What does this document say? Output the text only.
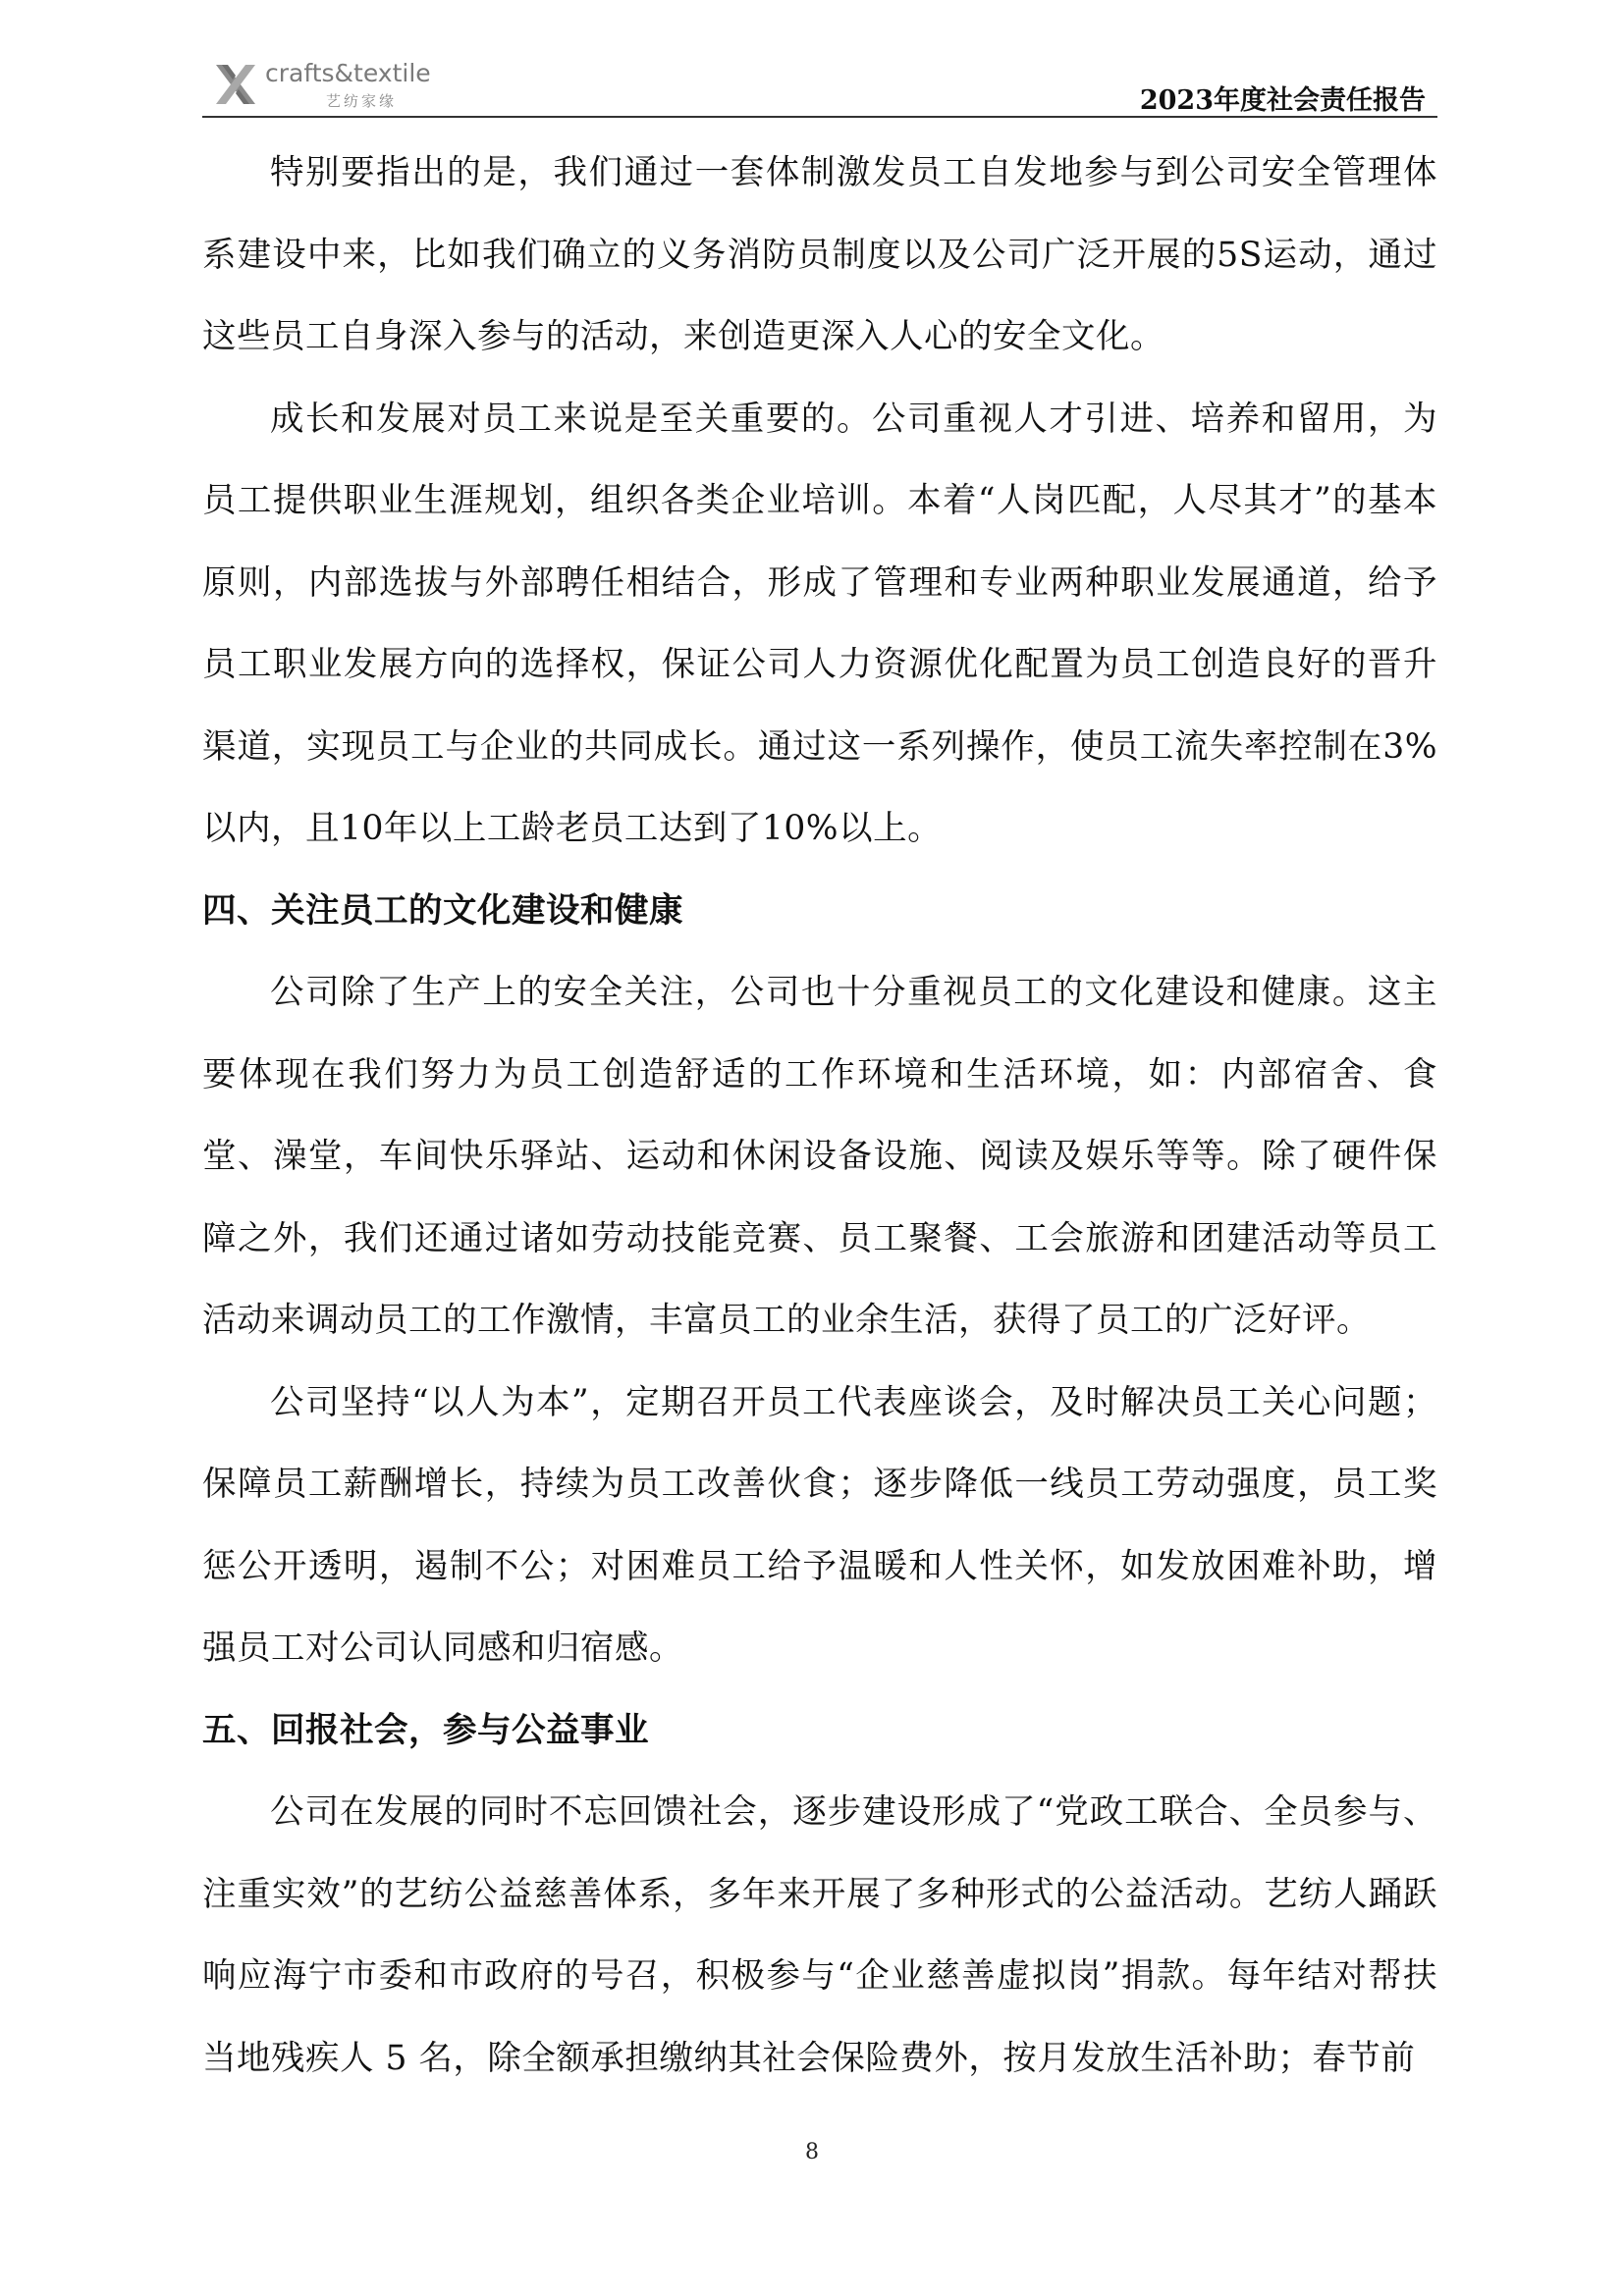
crafts&textile
艺纺家缘	2023年度社会责任报告

特别要指出的是，我们通过一套体制激发员工自发地参与到公司安全管理体系建设中来，比如我们确立的义务消防员制度以及公司广泛开展的5S运动，通过这些员工自身深入参与的活动，来创造更深入人心的安全文化。

成长和发展对员工来说是至关重要的。公司重视人才引进、培养和留用，为员工提供职业生涯规划，组织各类企业培训。本着“人岗匹配，人尽其才”的基本原则，内部选拔与外部聘任相结合，形成了管理和专业两种职业发展通道，给予员工职业发展方向的选择权，保证公司人力资源优化配置为员工创造良好的晋升渠道，实现员工与企业的共同成长。通过这一系列操作，使员工流失率控制在3%以内，且10年以上工龄老员工达到了10%以上。

四、关注员工的文化建设和健康

公司除了生产上的安全关注，公司也十分重视员工的文化建设和健康。这主要体现在我们努力为员工创造舒适的工作环境和生活环境，如：内部宿舍、食堂、澡堂，车间快乐驿站、运动和休闲设备设施、阅读及娱乐等等。除了硬件保障之外，我们还通过诸如劳动技能竞赛、员工聚餐、工会旅游和团建活动等员工活动来调动员工的工作激情，丰富员工的业余生活，获得了员工的广泛好评。

公司坚持“以人为本”，定期召开员工代表座谈会，及时解决员工关心问题；保障员工薪酬增长，持续为员工改善伙食；逐步降低一线员工劳动强度，员工奖惩公开透明，遏制不公；对困难员工给予温暖和人性关怀，如发放困难补助，增强员工对公司认同感和归宿感。

五、回报社会，参与公益事业

公司在发展的同时不忘回馈社会，逐步建设形成了“党政工联合、全员参与、注重实效”的艺纺公益慈善体系，多年来开展了多种形式的公益活动。艺纺人踊跃响应海宁市委和市政府的号召，积极参与“企业慈善虚拟岗”捐款。每年结对帮扶当地残疾人 5 名，除全额承担缴纳其社会保险费外，按月发放生活补助；春节前

8
